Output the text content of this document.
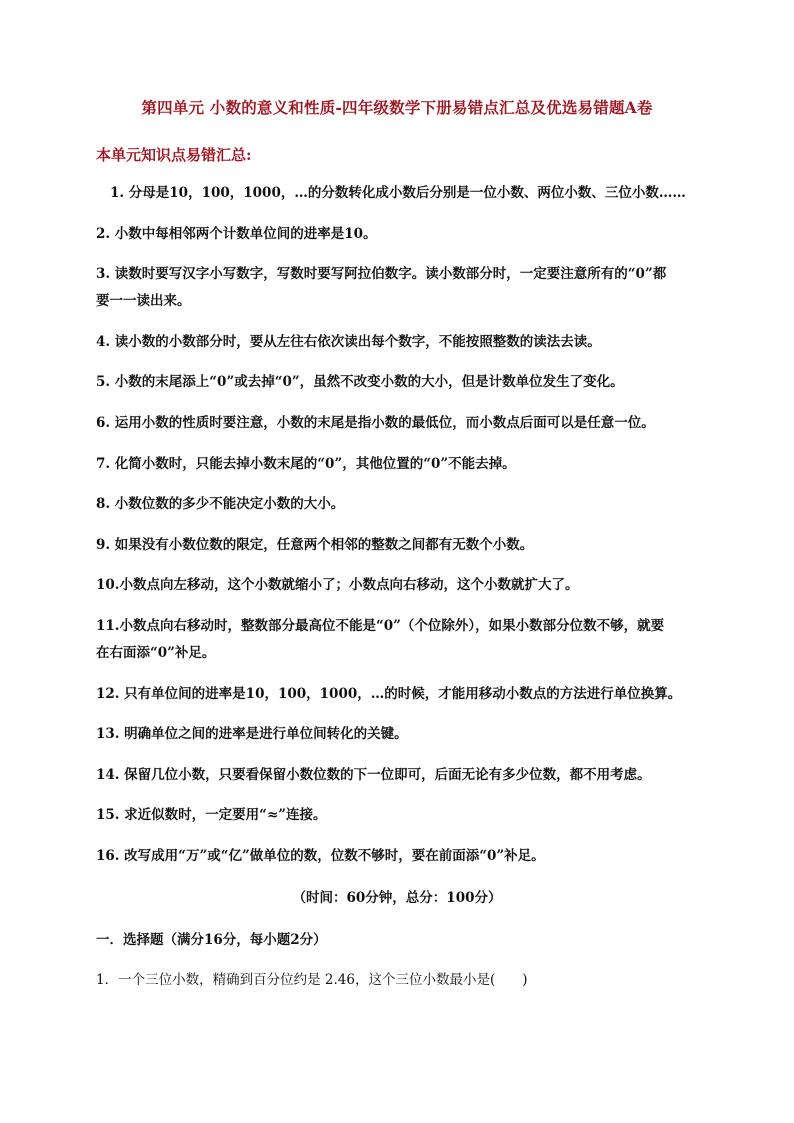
第四单元 小数的意义和性质-四年级数学下册易错点汇总及优选易错题A卷
本单元知识点易错汇总:
1. 分母是10，100，1000，…的分数转化成小数后分别是一位小数、两位小数、三位小数……
2. 小数中每相邻两个计数单位间的进率是10。
3. 读数时要写汉字小写数字，写数时要写阿拉伯数字。读小数部分时，一定要注意所有的“0”都
要一一读出来。
4. 读小数的小数部分时，要从左往右依次读出每个数字，不能按照整数的读法去读。
5. 小数的末尾添上“0”或去掉“0”，虽然不改变小数的大小，但是计数单位发生了变化。
6. 运用小数的性质时要注意，小数的末尾是指小数的最低位，而小数点后面可以是任意一位。
7. 化简小数时，只能去掉小数末尾的“0”，其他位置的“0”不能去掉。
8. 小数位数的多少不能决定小数的大小。
9. 如果没有小数位数的限定，任意两个相邻的整数之间都有无数个小数。
10.小数点向左移动，这个小数就缩小了；小数点向右移动，这个小数就扩大了。
11.小数点向右移动时，整数部分最高位不能是“0”（个位除外），如果小数部分位数不够，就要
在右面添“0”补足。
12. 只有单位间的进率是10，100，1000，…的时候，才能用移动小数点的方法进行单位换算。
13. 明确单位之间的进率是进行单位间转化的关键。
14. 保留几位小数，只要看保留小数位数的下一位即可，后面无论有多少位数，都不用考虑。
15. 求近似数时，一定要用“≈”连接。
16. 改写成用“万”或“亿”做单位的数，位数不够时，要在前面添“0”补足。
（时间：60分钟，总分：100分）
一．选择题（满分16分，每小题2分）
1．一个三位小数，精确到百分位约是 2.46，这个三位小数最小是(　　)
